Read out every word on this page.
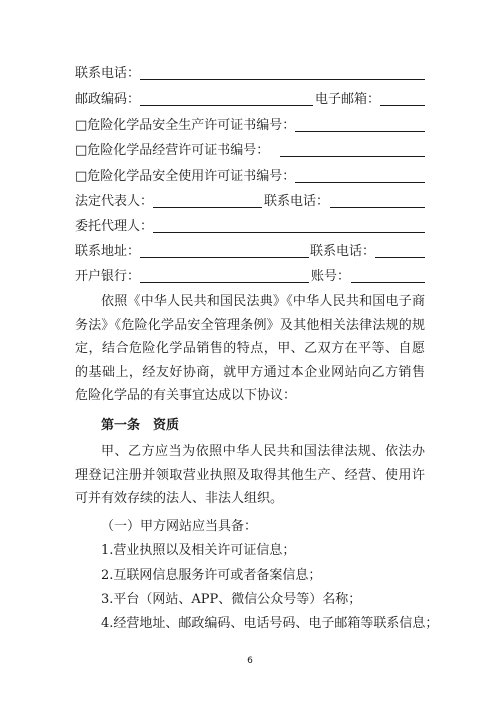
联系电话：
邮政编码：	电子邮箱：
□危险化学品安全生产许可证书编号：
□危险化学品经营许可证书编号：
□危险化学品安全使用许可证书编号：
法定代表人：	联系电话：
委托代理人：
联系地址：	联系电话：
开户银行：	账号：
依照《中华人民共和国民法典》《中华人民共和国电子商务法》《危险化学品安全管理条例》及其他相关法律法规的规定，结合危险化学品销售的特点，甲、乙双方在平等、自愿的基础上，经友好协商，就甲方通过本企业网站向乙方销售危险化学品的有关事宜达成以下协议：
第一条 资质
甲、乙方应当为依照中华人民共和国法律法规、依法办理登记注册并领取营业执照及取得其他生产、经营、使用许可并有效存续的法人、非法人组织。
（一）甲方网站应当具备：
1.营业执照以及相关许可证信息；
2.互联网信息服务许可或者备案信息；
3.平台（网站、APP、微信公众号等）名称；
4.经营地址、邮政编码、电话号码、电子邮箱等联系信息；
6
